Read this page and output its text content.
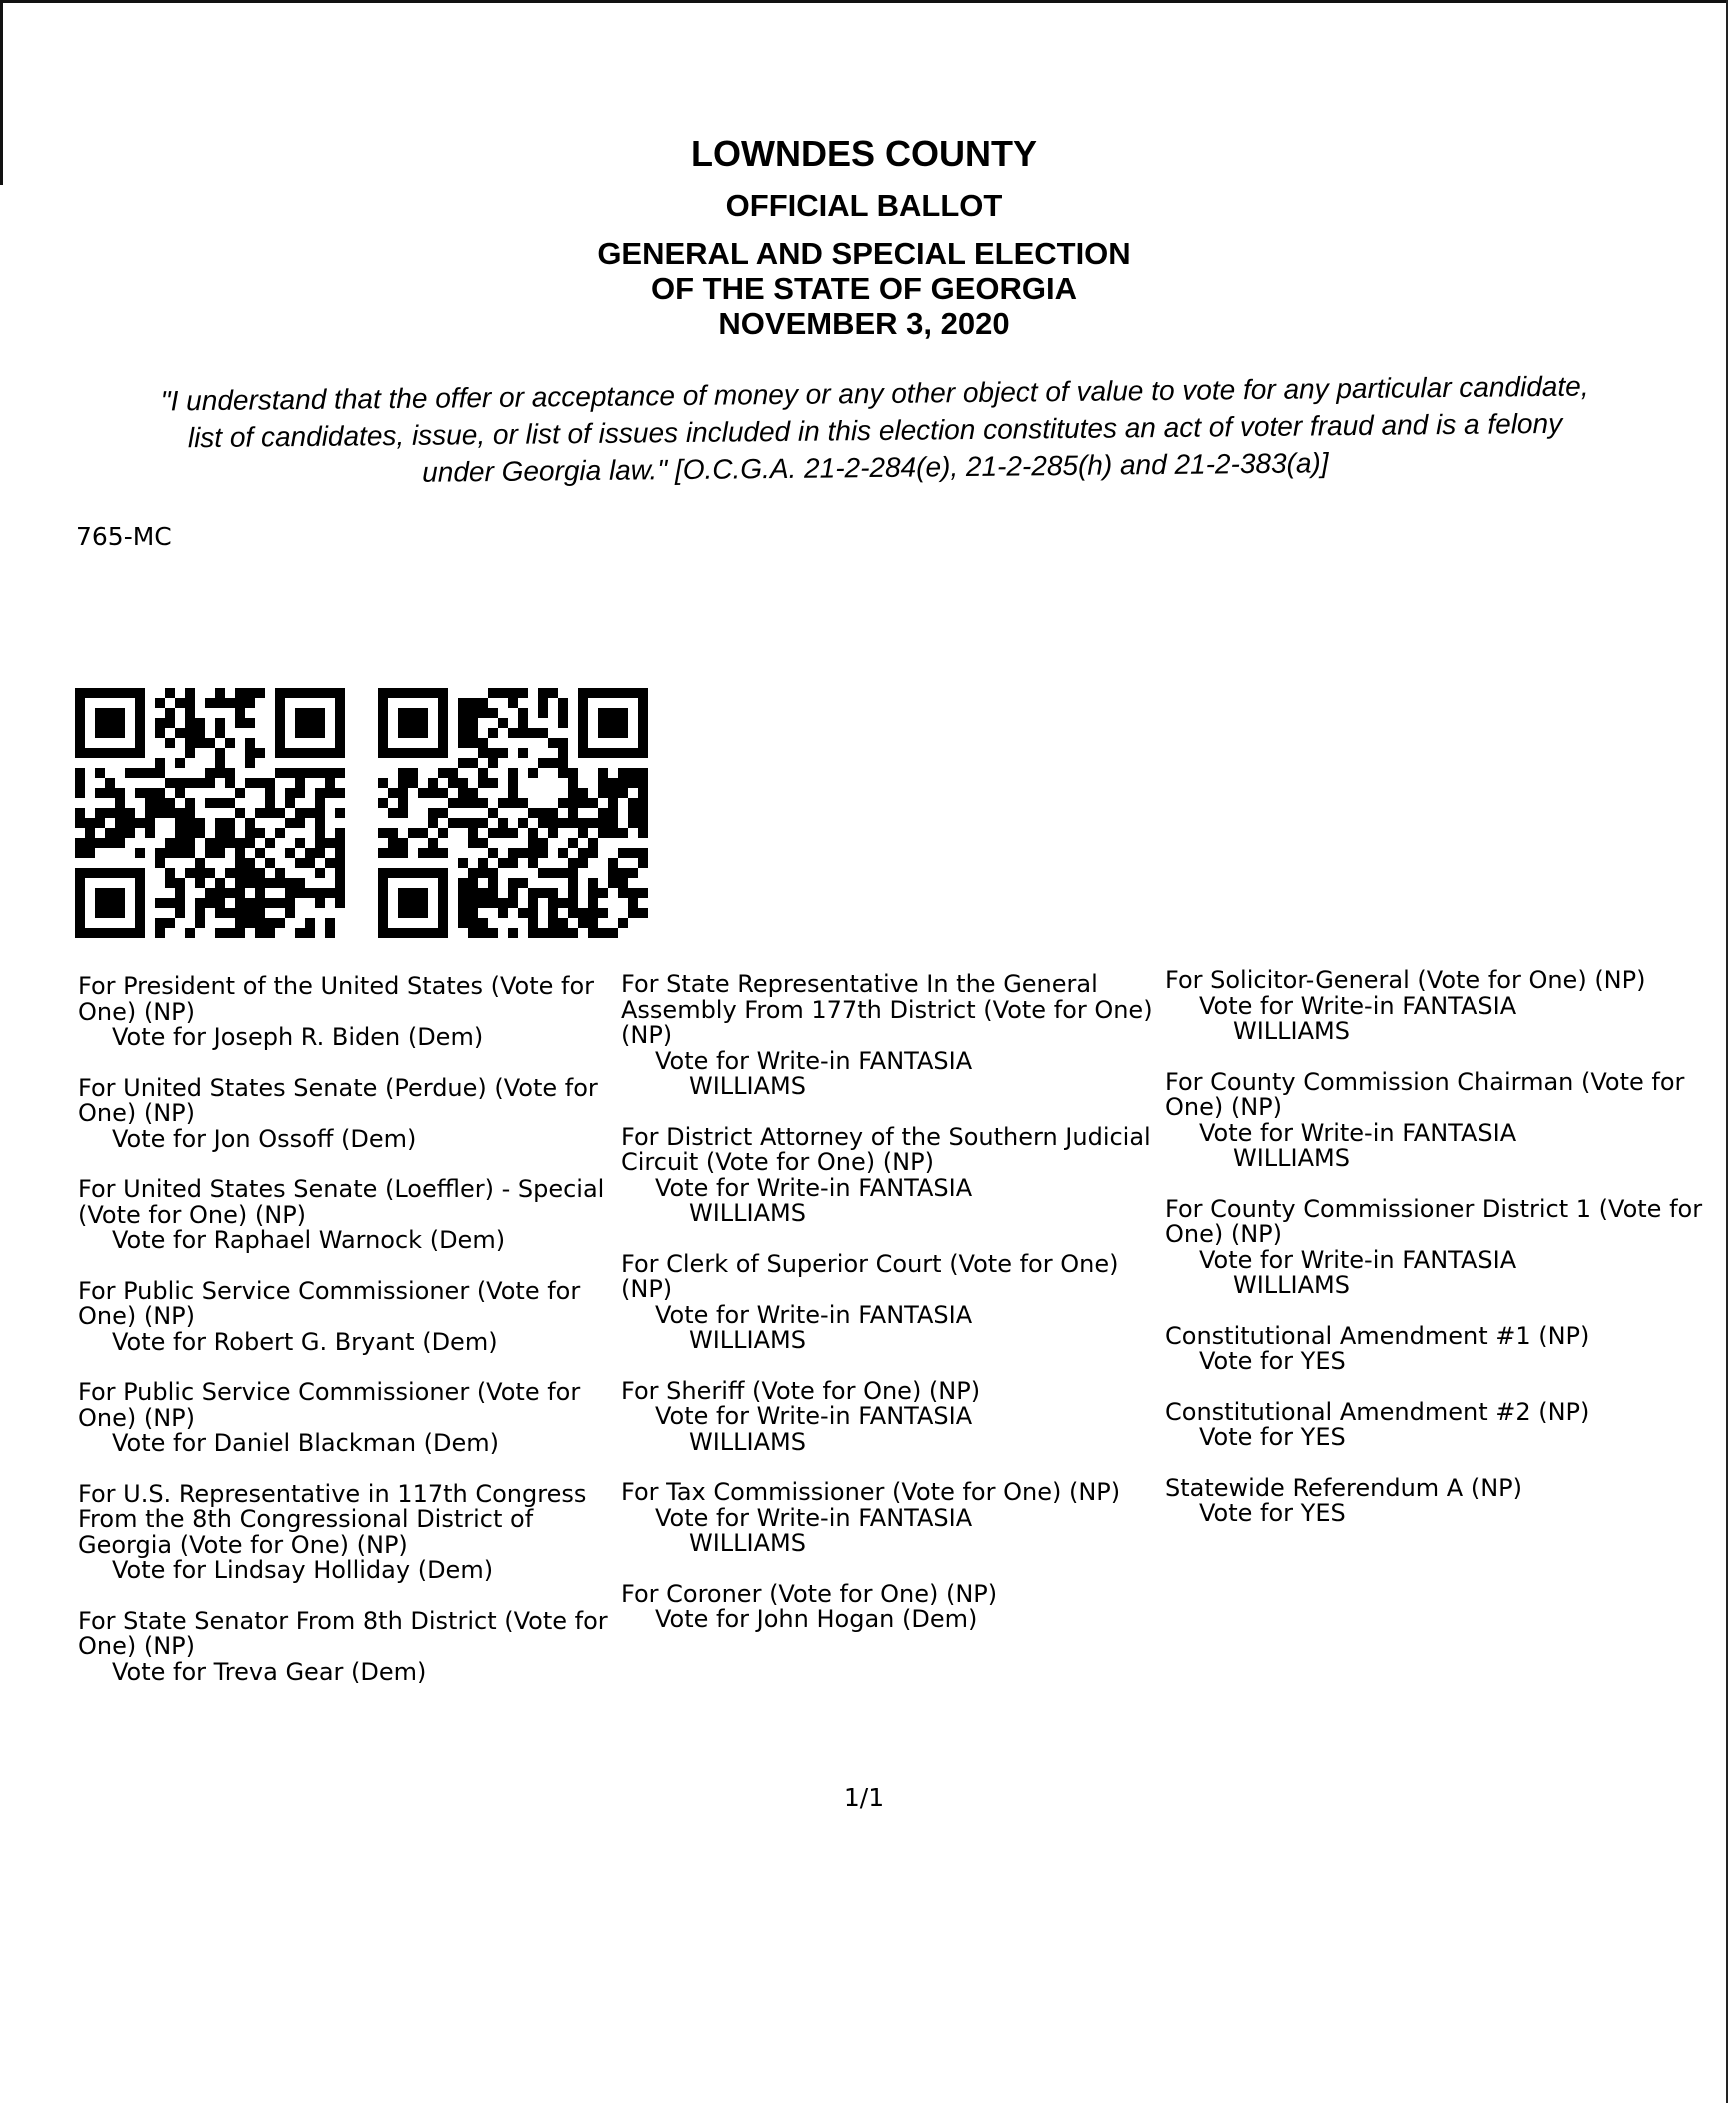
LOWNDES COUNTY
OFFICIAL BALLOT
GENERAL AND SPECIAL ELECTION
OF THE STATE OF GEORGIA
NOVEMBER 3, 2020
"I understand that the offer or acceptance of money or any other object of value to vote for any particular candidate,
list of candidates, issue, or list of issues included in this election constitutes an act of voter fraud and is a felony
under Georgia law." [O.C.G.A. 21-2-284(e), 21-2-285(h) and 21-2-383(a)]
765-MC
For President of the United States (Vote for One) (NP)
Vote for Joseph R. Biden (Dem)
For United States Senate (Perdue) (Vote for One) (NP)
Vote for Jon Ossoff (Dem)
For United States Senate (Loeffler) - Special (Vote for One) (NP)
Vote for Raphael Warnock (Dem)
For Public Service Commissioner (Vote for One) (NP)
Vote for Robert G. Bryant (Dem)
For Public Service Commissioner (Vote for One) (NP)
Vote for Daniel Blackman (Dem)
For U.S. Representative in 117th Congress From the 8th Congressional District of Georgia (Vote for One) (NP)
Vote for Lindsay Holliday (Dem)
For State Senator From 8th District (Vote for One) (NP)
Vote for Treva Gear (Dem)
For State Representative In the General Assembly From 177th District (Vote for One) (NP)
Vote for Write-in FANTASIA
WILLIAMS
For District Attorney of the Southern Judicial Circuit (Vote for One) (NP)
Vote for Write-in FANTASIA
WILLIAMS
For Clerk of Superior Court (Vote for One) (NP)
Vote for Write-in FANTASIA
WILLIAMS
For Sheriff (Vote for One) (NP)
Vote for Write-in FANTASIA
WILLIAMS
For Tax Commissioner (Vote for One) (NP)
Vote for Write-in FANTASIA
WILLIAMS
For Coroner (Vote for One) (NP)
Vote for John Hogan (Dem)
For Solicitor-General (Vote for One) (NP)
Vote for Write-in FANTASIA
WILLIAMS
For County Commission Chairman (Vote for One) (NP)
Vote for Write-in FANTASIA
WILLIAMS
For County Commissioner District 1 (Vote for One) (NP)
Vote for Write-in FANTASIA
WILLIAMS
Constitutional Amendment #1 (NP)
Vote for YES
Constitutional Amendment #2 (NP)
Vote for YES
Statewide Referendum A (NP)
Vote for YES
1/1
